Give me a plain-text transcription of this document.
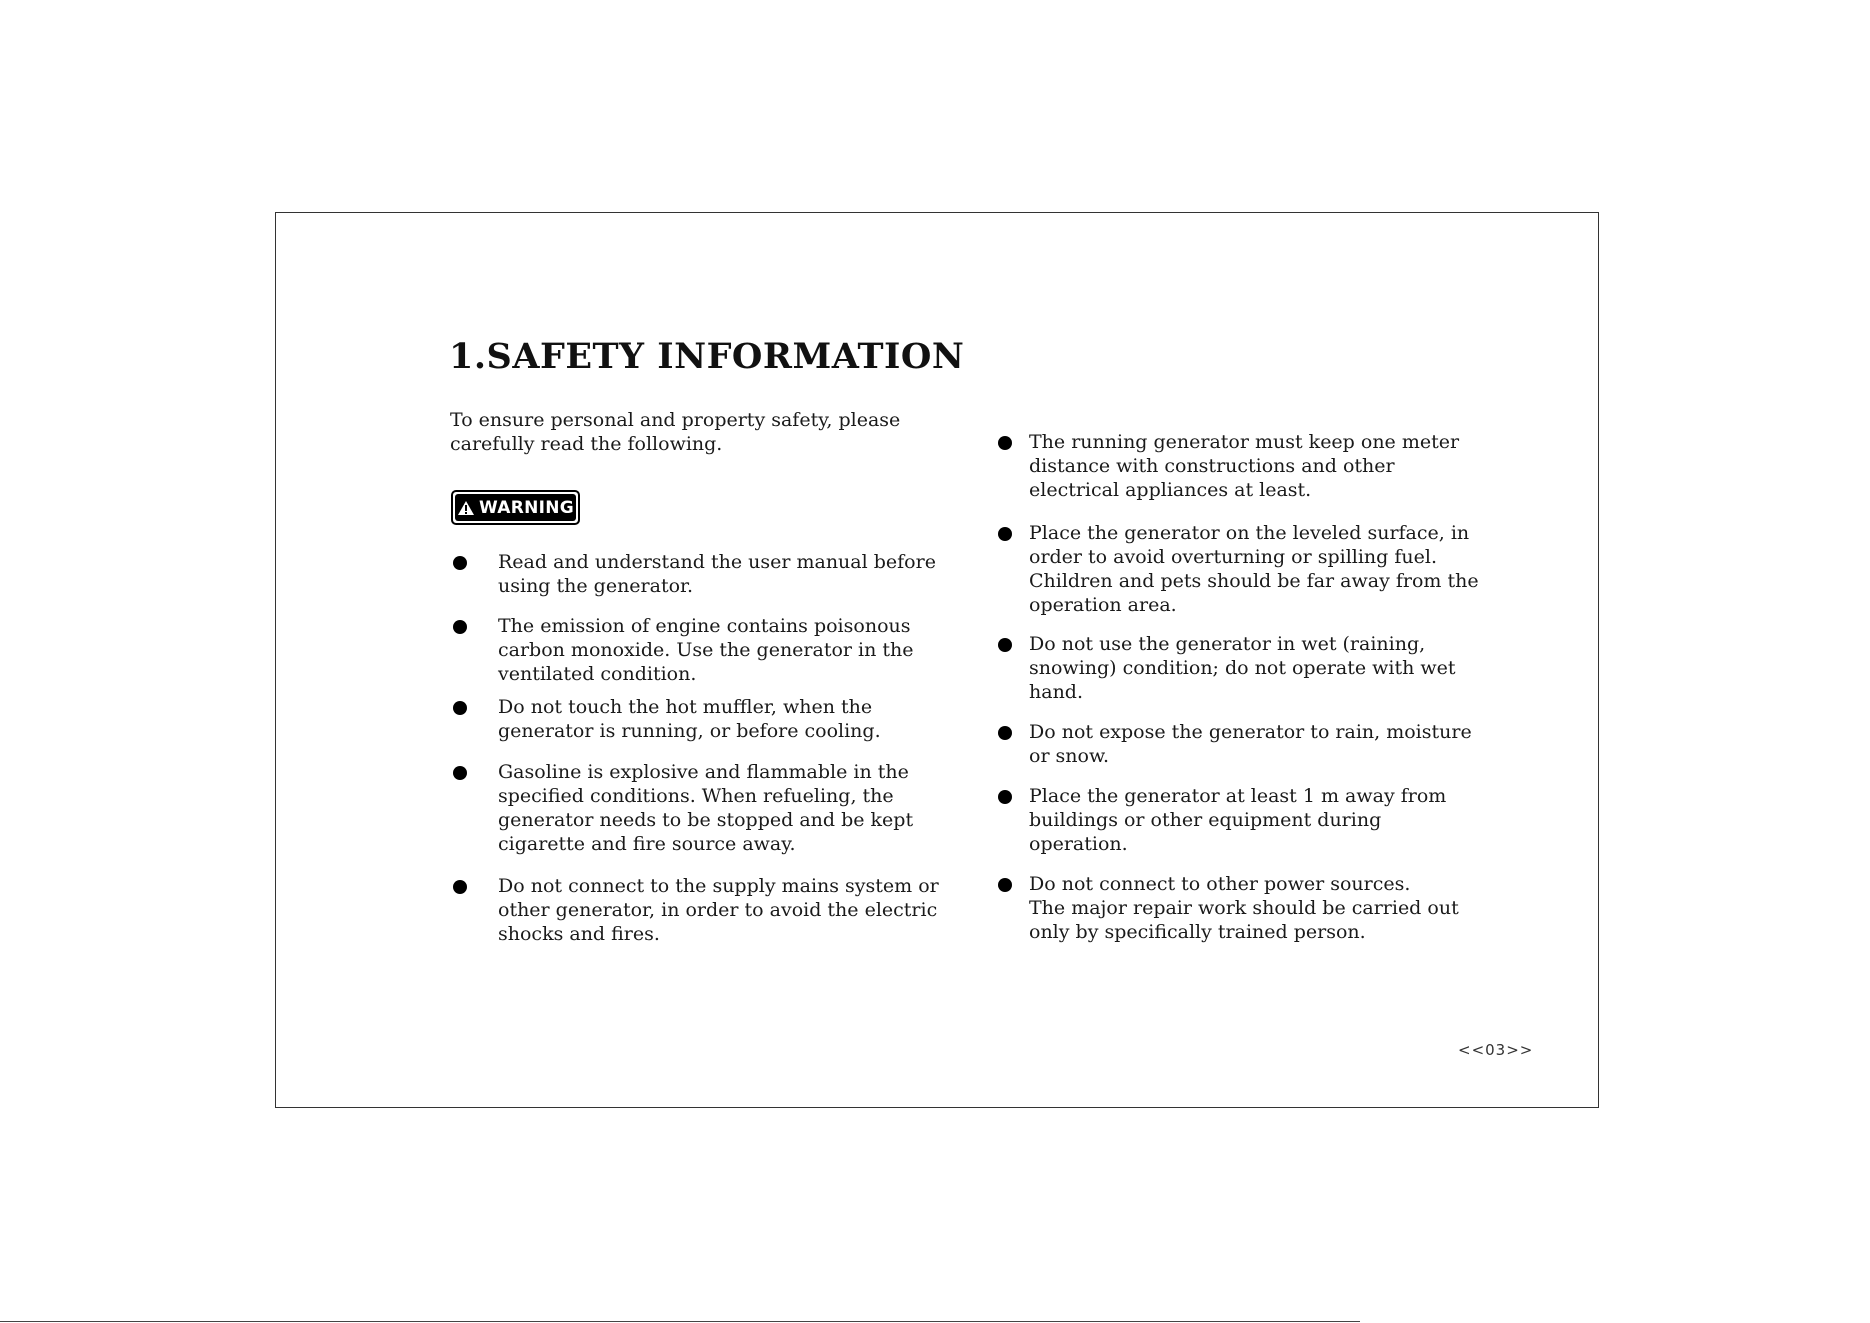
1.SAFETY INFORMATION

To ensure personal and property safety, please
carefully read the following.

WARNING
Read and understand the user manual before
using the generator.
The emission of engine contains poisonous
carbon monoxide. Use the generator in the
ventilated condition.
Do not touch the hot muffler, when the
generator is running, or before cooling.
Gasoline is explosive and flammable in the
specified conditions. When refueling, the
generator needs to be stopped and be kept
cigarette and fire source away.
Do not connect to the supply mains system or
other generator, in order to avoid the electric
shocks and fires.
The running generator must keep one meter
distance with constructions and other
electrical appliances at least.
Place the generator on the leveled surface, in
order to avoid overturning or spilling fuel.
Children and pets should be far away from the
operation area.
Do not use the generator in wet (raining,
snowing) condition; do not operate with wet
hand.
Do not expose the generator to rain, moisture
or snow.
Place the generator at least 1 m away from
buildings or other equipment during
operation.
Do not connect to other power sources.
The major repair work should be carried out
only by specifically trained person.
<<03>>
